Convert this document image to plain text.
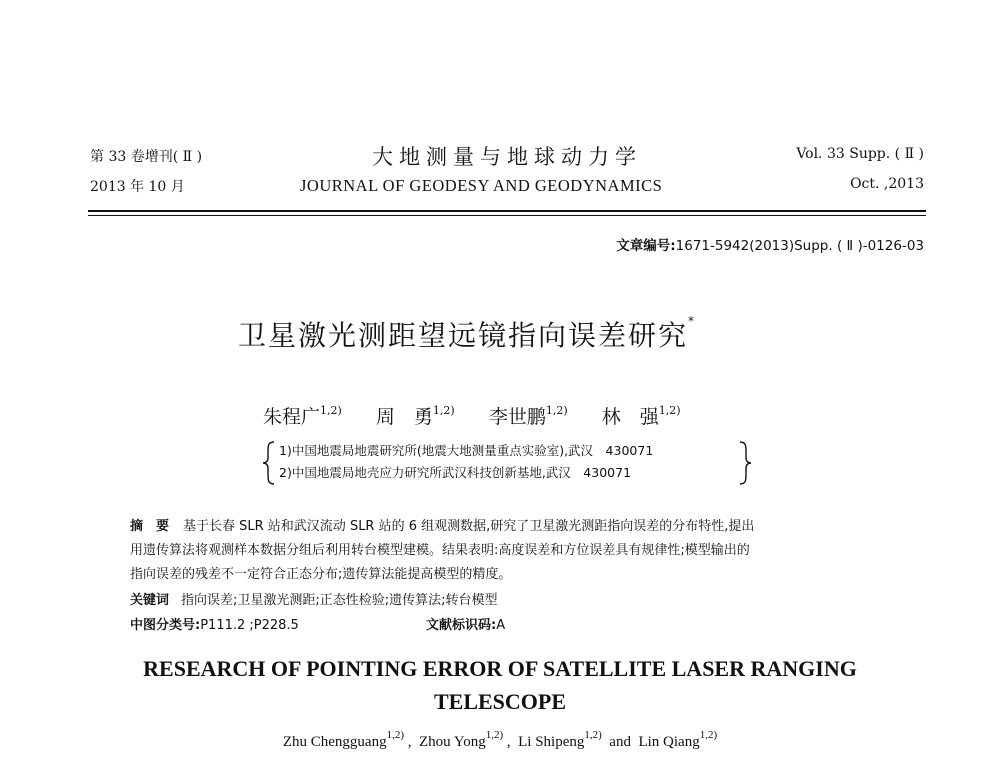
第 33 卷增刊( Ⅱ )
2013 年 10 月
大地测量与地球动力学
JOURNAL OF GEODESY AND GEODYNAMICS
Vol. 33 Supp. ( Ⅱ )
Oct. ,2013
文章编号:1671-5942(2013)Supp. ( Ⅱ )-0126-03
卫星激光测距望远镜指向误差研究*
朱程广$^{1,2)}$ 周　勇$^{1,2)}$ 李世鹏$^{1,2)}$ 林　强$^{1,2)}$
1)中国地震局地震研究所(地震大地测量重点实验室),武汉　430071
2)中国地震局地壳应力研究所武汉科技创新基地,武汉　430071
摘　要 基于长春 SLR 站和武汉流动 SLR 站的 6 组观测数据,研究了卫星激光测距指向误差的分布特性,提出
用遗传算法将观测样本数据分组后利用转台模型建模。结果表明:高度误差和方位误差具有规律性;模型输出的
指向误差的残差不一定符合正态分布;遗传算法能提高模型的精度。
关键词 指向误差;卫星激光测距;正态性检验;遗传算法;转台模型
中图分类号:P111.2 ;P228.5	文献标识码:A
RESEARCH OF POINTING ERROR OF SATELLITE LASER RANGING
TELESCOPE
Zhu Chengguang$^{1,2)}$ ,  Zhou Yong$^{1,2)}$ ,  Li Shipeng$^{1,2)}$  and  Lin Qiang$^{1,2)}$
